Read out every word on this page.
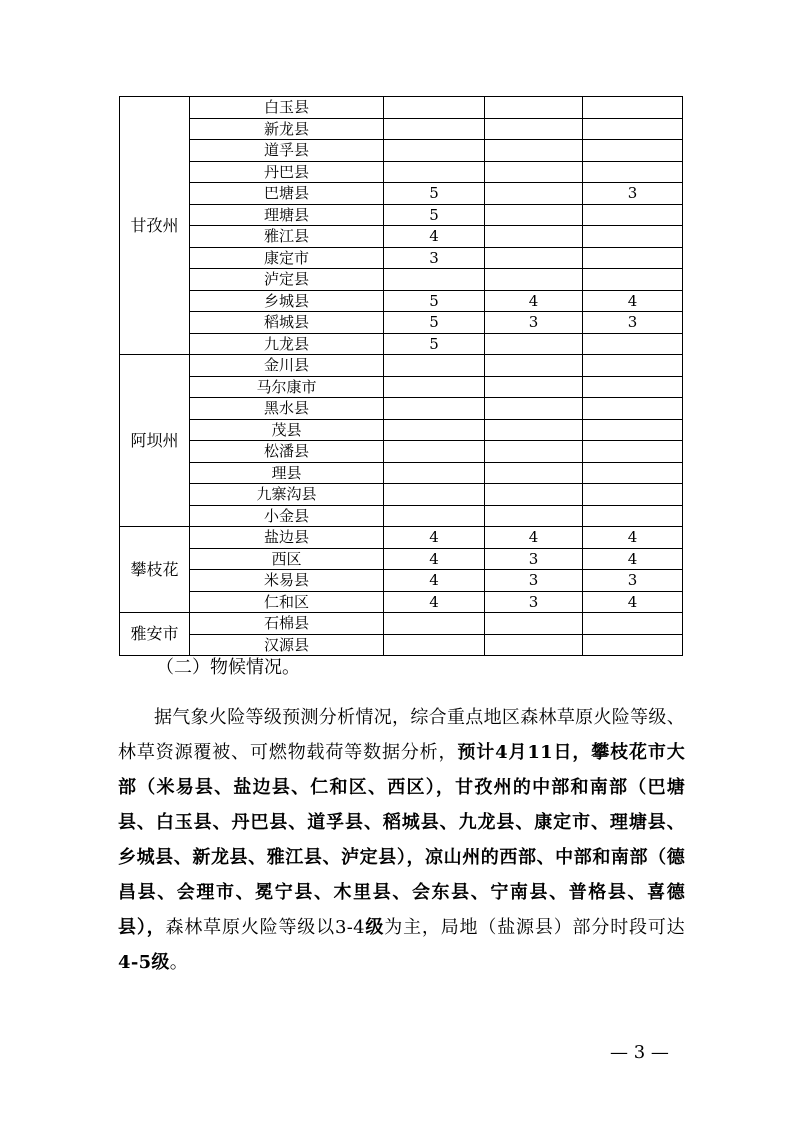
甘孜州	白玉县			
	新龙县			
	道孚县			
	丹巴县			
	巴塘县	5		3
	理塘县	5		
	雅江县	4		
	康定市	3		
	泸定县			
	乡城县	5	4	4
	稻城县	5	3	3
	九龙县	5		
阿坝州	金川县			
	马尔康市			
	黑水县			
	茂县			
	松潘县			
	理县			
	九寨沟县			
	小金县			
攀枝花	盐边县	4	4	4
	西区	4	3	4
	米易县	4	3	3
	仁和区	4	3	4
雅安市	石棉县			
	汉源县			

（二）物候情况。

据气象火险等级预测分析情况，综合重点地区森林草原火险等级、林草资源覆被、可燃物载荷等数据分析，预计4月11日，攀枝花市大部（米易县、盐边县、仁和区、西区），甘孜州的中部和南部（巴塘县、白玉县、丹巴县、道孚县、稻城县、九龙县、康定市、理塘县、乡城县、新龙县、雅江县、泸定县），凉山州的西部、中部和南部（德昌县、会理市、冕宁县、木里县、会东县、宁南县、普格县、喜德县），森林草原火险等级以3-4级为主，局地（盐源县）部分时段可达4-5级。

— 3 —
